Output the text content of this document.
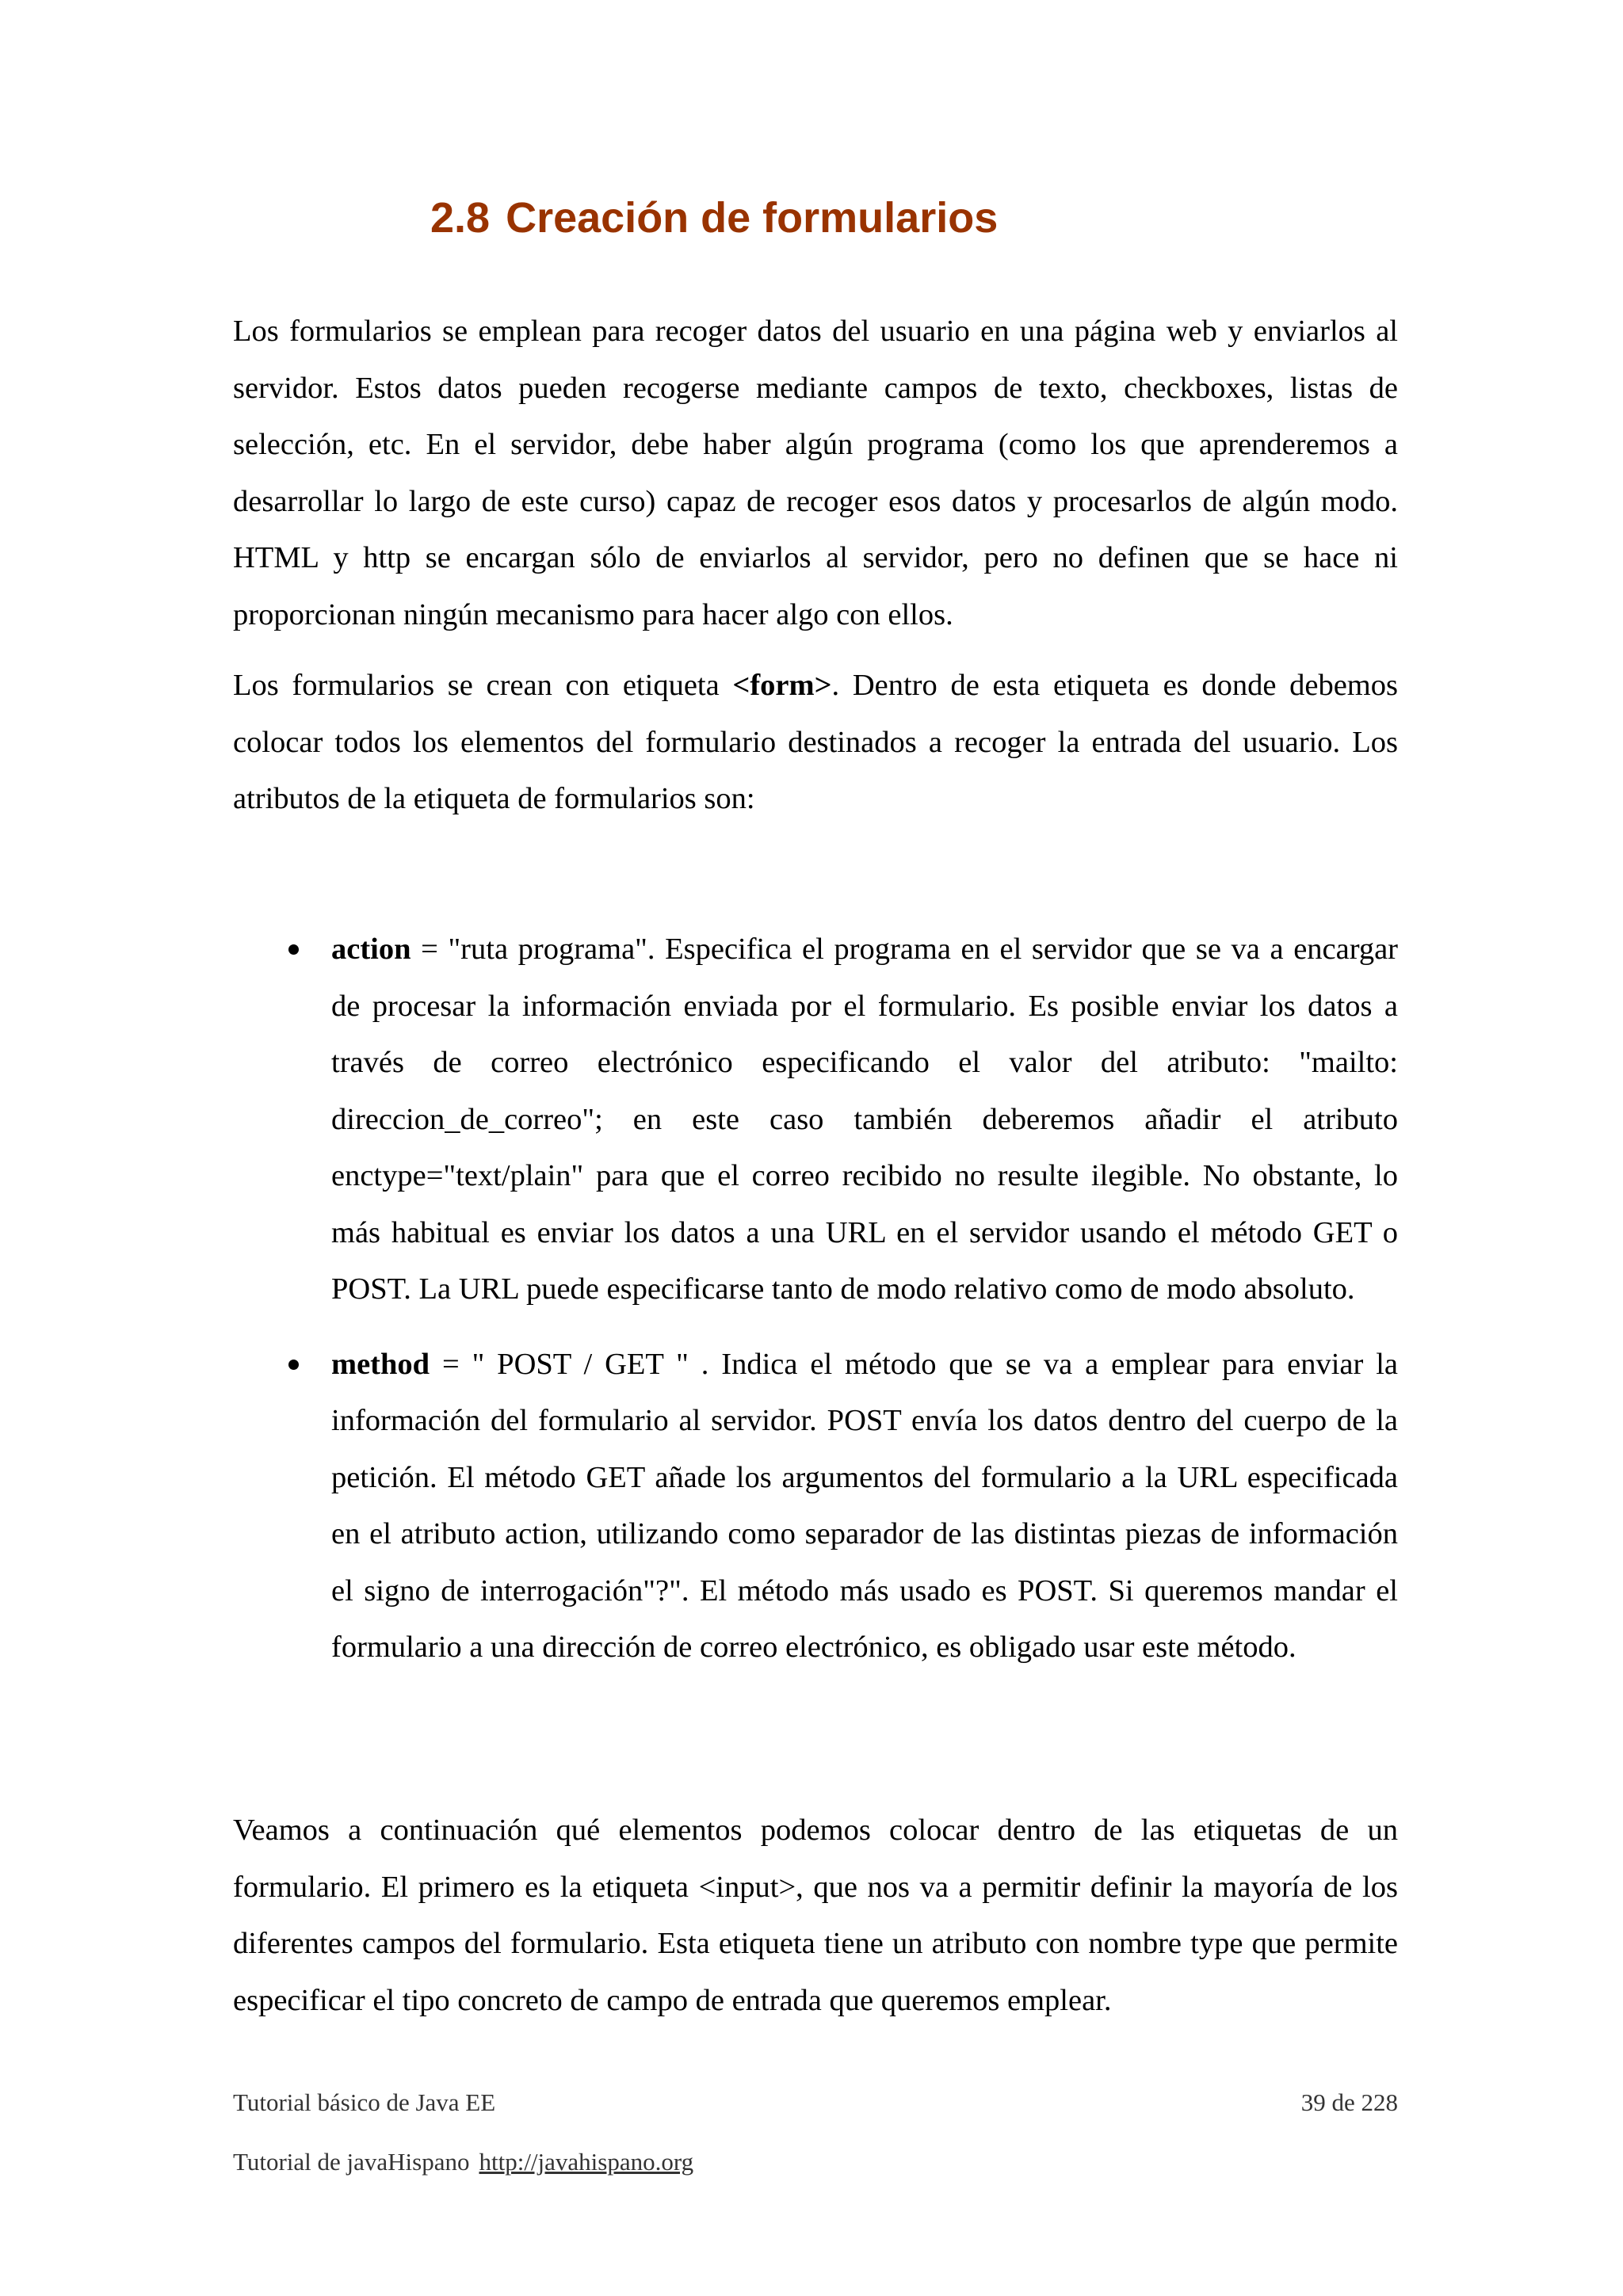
2.8 Creación de formularios

Los formularios se emplean para recoger datos del usuario en una página web y enviarlos al servidor. Estos datos pueden recogerse mediante campos de texto, checkboxes, listas de selección, etc. En el servidor, debe haber algún programa (como los que aprenderemos a desarrollar lo largo de este curso) capaz de recoger esos datos y procesarlos de algún modo. HTML y http se encargan sólo de enviarlos al servidor, pero no definen que se hace ni proporcionan ningún mecanismo para hacer algo con ellos.

Los formularios se crean con etiqueta <form>. Dentro de esta etiqueta es donde debemos colocar todos los elementos del formulario destinados a recoger la entrada del usuario. Los atributos de la etiqueta de formularios son:

action = "ruta programa". Especifica el programa en el servidor que se va a encargar de procesar la información enviada por el formulario. Es posible enviar los datos a través de correo electrónico especificando el valor del atributo: "mailto: direccion_de_correo"; en este caso también deberemos añadir el atributo enctype="text/plain" para que el correo recibido no resulte ilegible. No obstante, lo más habitual es enviar los datos a una URL en el servidor usando el método GET o POST. La URL puede especificarse tanto de modo relativo como de modo absoluto.
method = " POST / GET " . Indica el método que se va a emplear para enviar la información del formulario al servidor. POST envía los datos dentro del cuerpo de la petición. El método GET añade los argumentos del formulario a la URL especificada en el atributo action, utilizando como separador de las distintas piezas de información el signo de interrogación"?". El método más usado es POST. Si queremos mandar el formulario a una dirección de correo electrónico, es obligado usar este método.

Veamos a continuación qué elementos podemos colocar dentro de las etiquetas de un formulario. El primero es la etiqueta <input>, que nos va a permitir definir la mayoría de los diferentes campos del formulario. Esta etiqueta tiene un atributo con nombre type que permite especificar el tipo concreto de campo de entrada que queremos emplear.

Tutorial básico de Java EE	39 de 228

Tutorial de javaHispano http://javahispano.org
